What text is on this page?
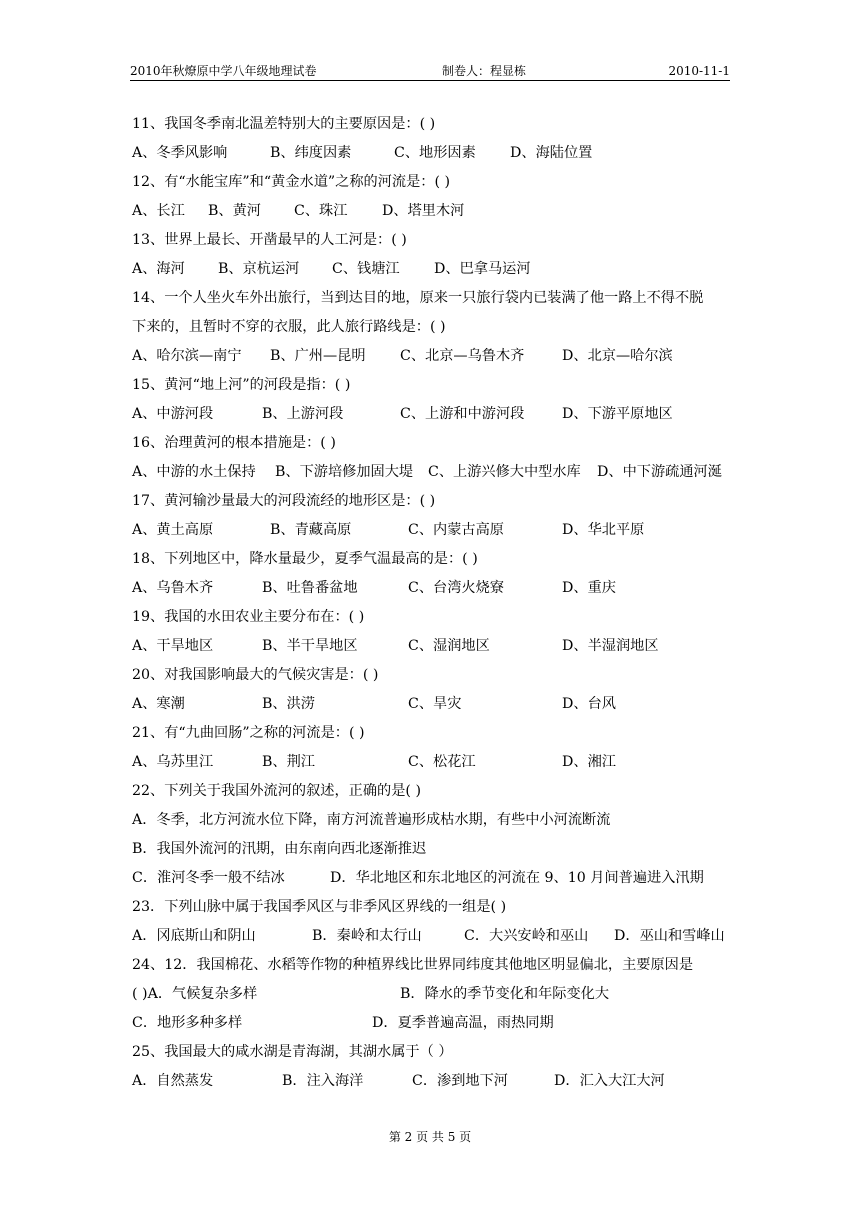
2010年秋燎原中学八年级地理试卷	制卷人：程显栋	2010-11-1
11、我国冬季南北温差特别大的主要原因是：( )
A、冬季风影响	B、纬度因素	C、地形因素 D、海陆位置
12、有“水能宝库”和“黄金水道”之称的河流是：( )
A、长江 B、黄河 C、珠江 D、塔里木河
13、世界上最长、开凿最早的人工河是：( )
A、海河 B、京杭运河 C、钱塘江 D、巴拿马运河
14、一个人坐火车外出旅行，当到达目的地，原来一只旅行袋内已装满了他一路上不得不脱
下来的，且暂时不穿的衣服，此人旅行路线是：( )
A、哈尔滨—南宁 B、广州—昆明 C、北京—乌鲁木齐	D、北京—哈尔滨
15、黄河“地上河”的河段是指：( )
A、中游河段	B、上游河段	C、上游和中游河段	D、下游平原地区
16、治理黄河的根本措施是：( )
A、中游的水土保持 B、下游培修加固大堤 C、上游兴修大中型水库 D、中下游疏通河涎
17、黄河输沙量最大的河段流经的地形区是：( )
A、黄土高原	B、青藏高原	C、内蒙古高原	D、华北平原
18、下列地区中，降水量最少，夏季气温最高的是：( )
A、乌鲁木齐	B、吐鲁番盆地	C、台湾火烧寮	D、重庆
19、我国的水田农业主要分布在：( )
A、干旱地区	B、半干旱地区	C、湿润地区	D、半湿润地区
20、对我国影响最大的气候灾害是：( )
A、寒潮	B、洪涝	C、旱灾	D、台风
21、有“九曲回肠”之称的河流是：( )
A、乌苏里江	B、荆江	C、松花江	D、湘江
22、下列关于我国外流河的叙述，正确的是( )
A．冬季，北方河流水位下降，南方河流普遍形成枯水期，有些中小河流断流
B．我国外流河的汛期，由东南向西北逐渐推迟
C．淮河冬季一般不结冰	D．华北地区和东北地区的河流在 9、10 月间普遍进入汛期
23．下列山脉中属于我国季风区与非季风区界线的一组是( )
A．冈底斯山和阴山	B．秦岭和太行山	C．大兴安岭和巫山 D．巫山和雪峰山
24、12．我国棉花、水稻等作物的种植界线比世界同纬度其他地区明显偏北，主要原因是
( )A．气候复杂多样	B．降水的季节变化和年际变化大
C．地形多种多样	D．夏季普遍高温，雨热同期
25、我国最大的咸水湖是青海湖，其湖水属于（ ）
A．自然蒸发	B．注入海洋	C．渗到地下河	D．汇入大江大河
第 2 页 共 5 页
